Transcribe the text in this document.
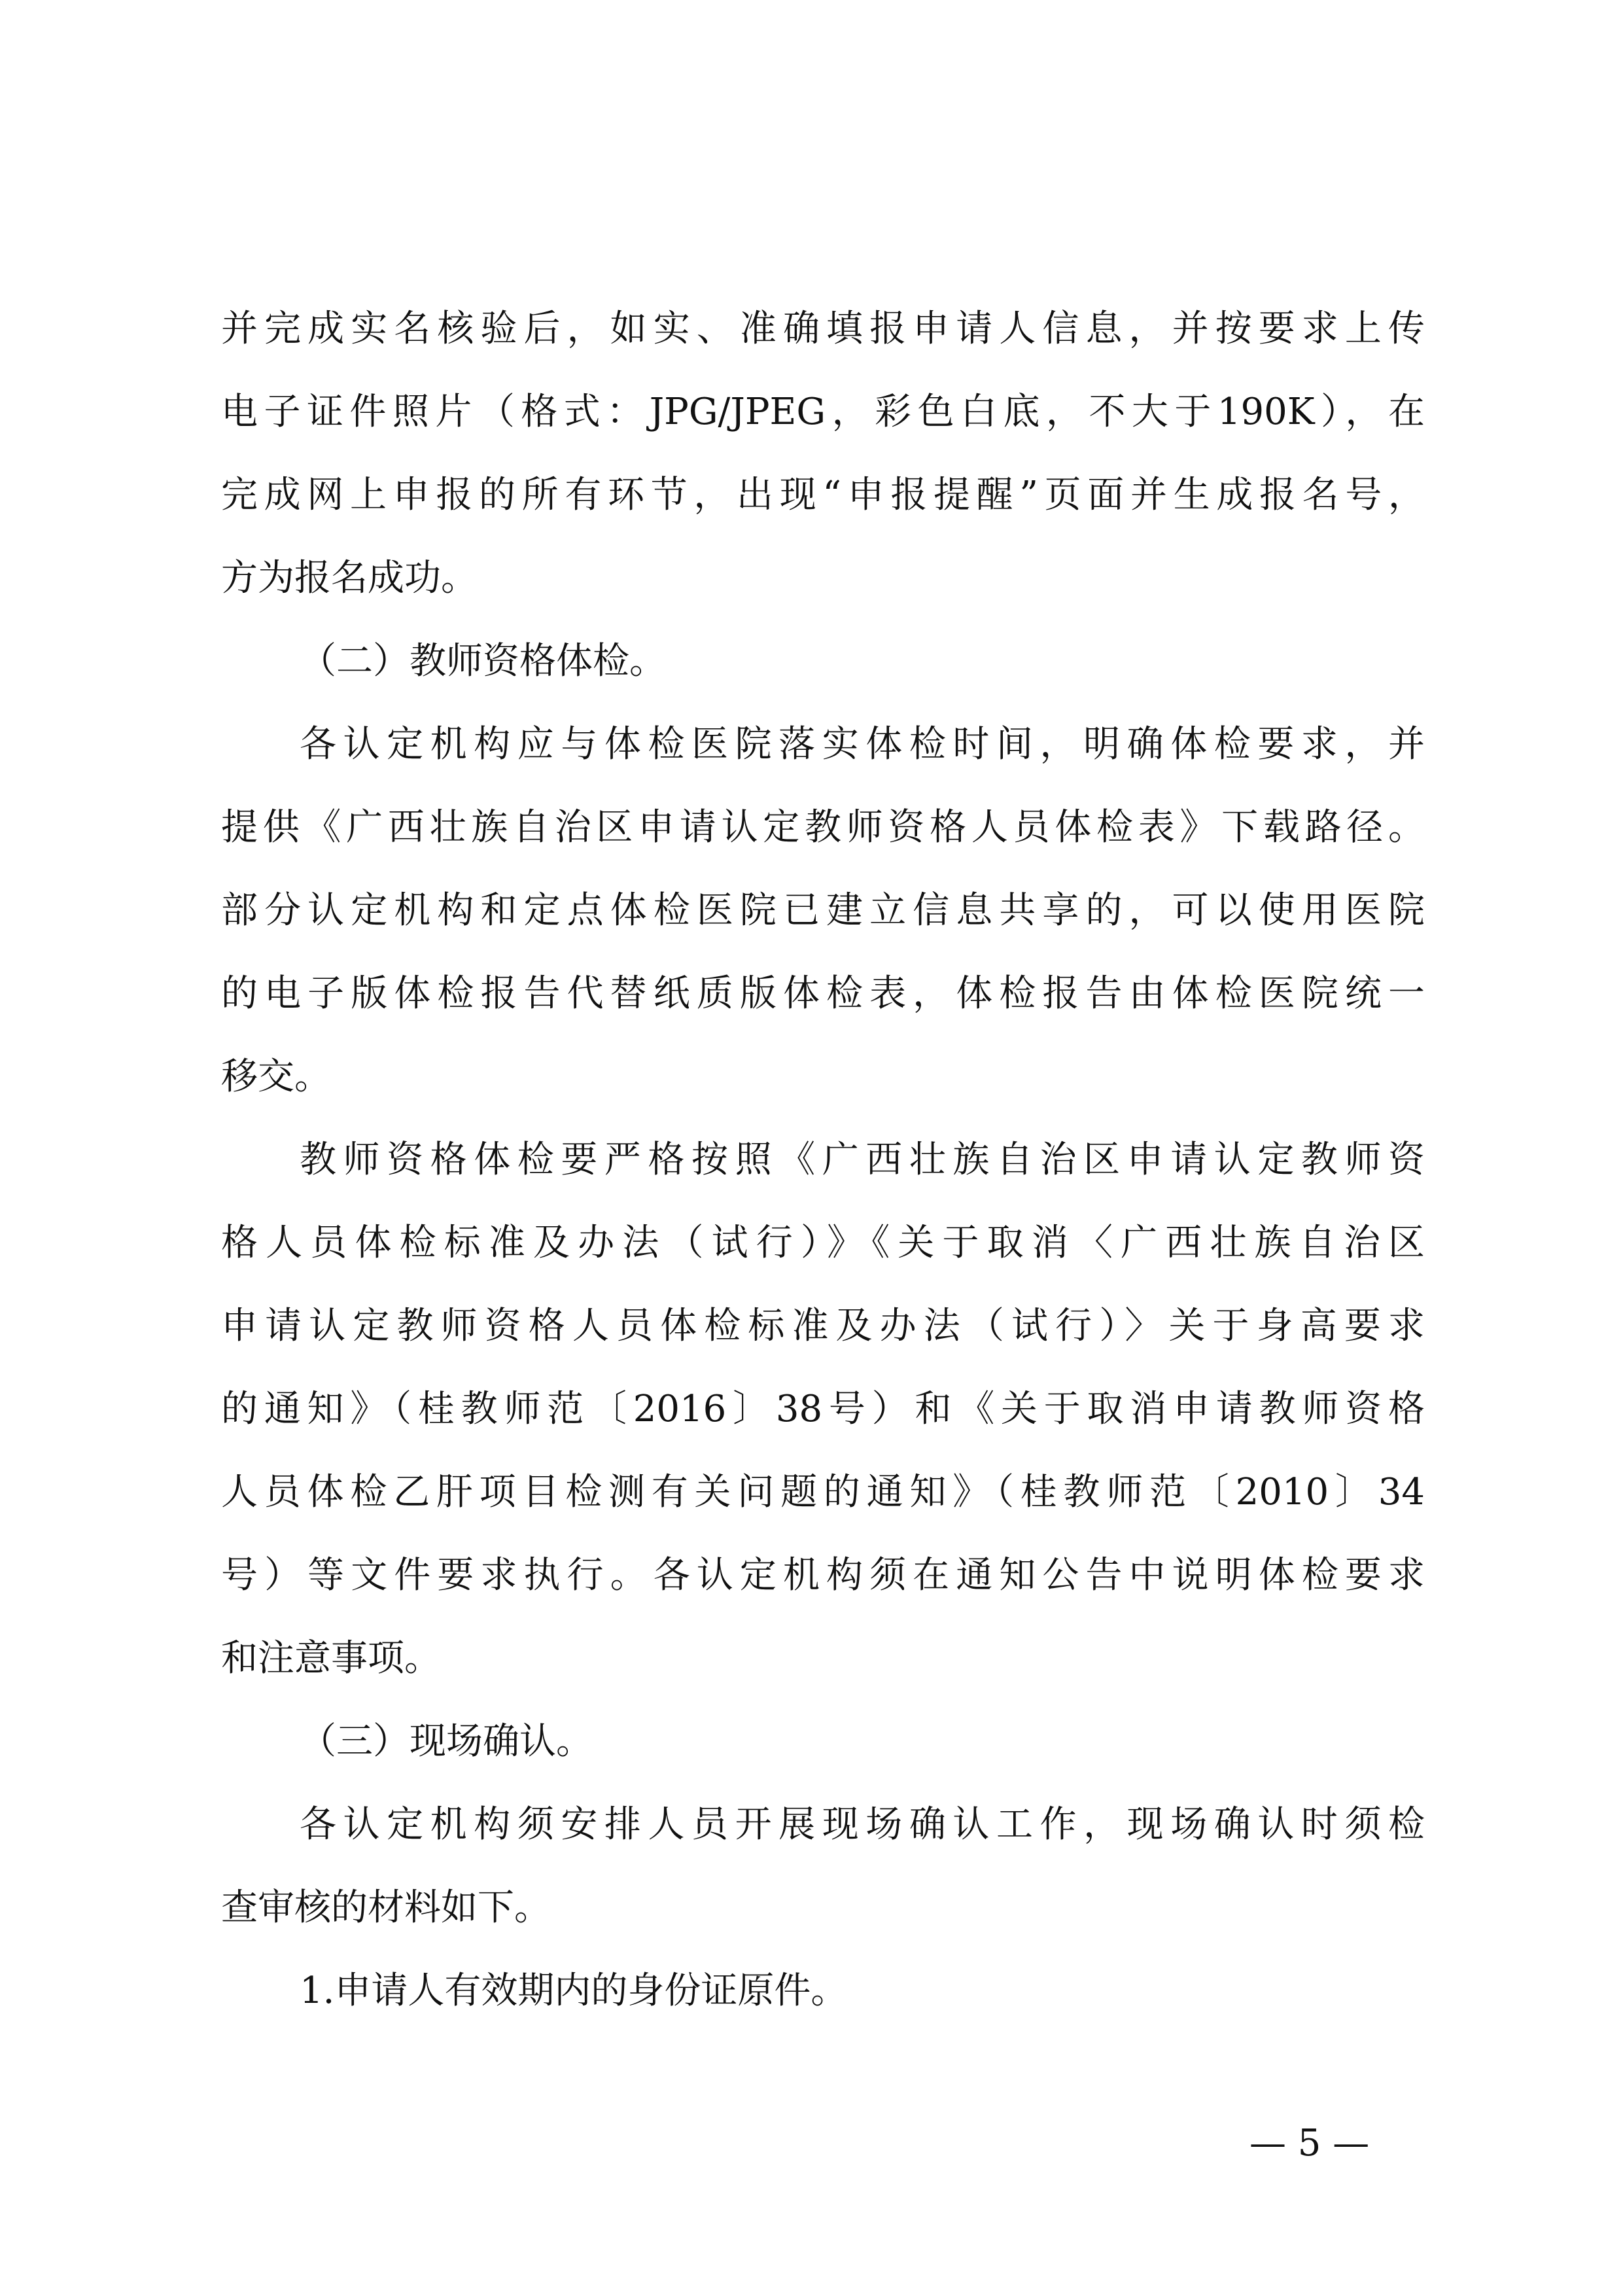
并完成实名核验后，如实、准确填报申请人信息，并按要求上传
电子证件照片（格式：JPG/JPEG，彩色白底，不大于190K），在
完成网上申报的所有环节，出现“申报提醒”页面并生成报名号，
方为报名成功。
（二）教师资格体检。
各认定机构应与体检医院落实体检时间，明确体检要求，并
提供《广西壮族自治区申请认定教师资格人员体检表》下载路径。
部分认定机构和定点体检医院已建立信息共享的，可以使用医院
的电子版体检报告代替纸质版体检表，体检报告由体检医院统一
移交。
教师资格体检要严格按照《广西壮族自治区申请认定教师资
格人员体检标准及办法（试行）》《关于取消〈广西壮族自治区
申请认定教师资格人员体检标准及办法（试行）〉关于身高要求
的通知》（桂教师范〔2016〕38号）和《关于取消申请教师资格
人员体检乙肝项目检测有关问题的通知》（桂教师范〔2010〕34
号）等文件要求执行。各认定机构须在通知公告中说明体检要求
和注意事项。
（三）现场确认。
各认定机构须安排人员开展现场确认工作，现场确认时须检
查审核的材料如下。
1.申请人有效期内的身份证原件。
— 5 —
